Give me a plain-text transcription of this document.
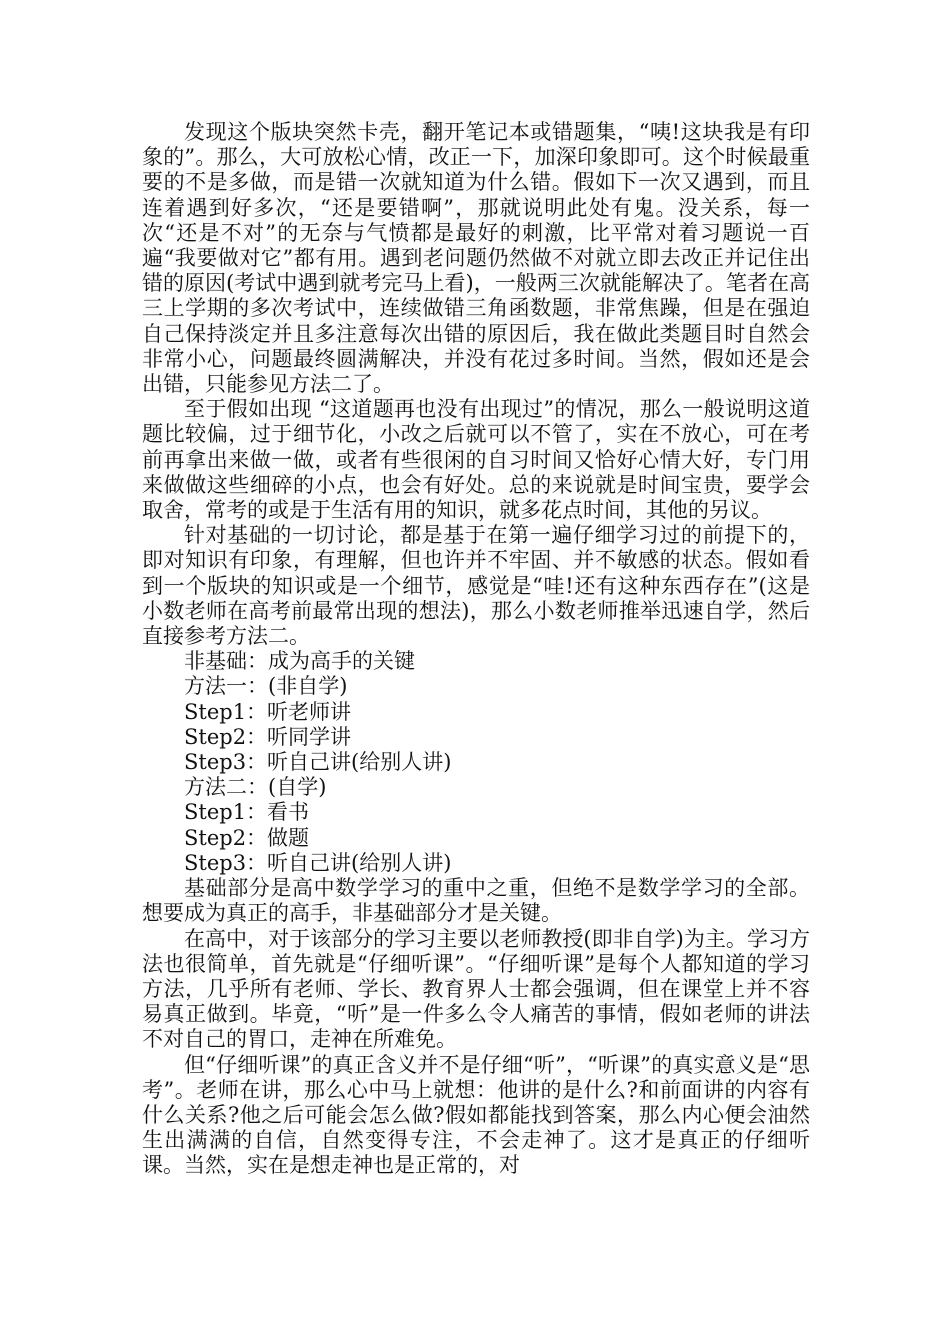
发现这个版块突然卡壳，翻开笔记本或错题集，“咦!这块我是有印象的”。那么，大可放松心情，改正一下，加深印象即可。这个时候最重要的不是多做，而是错一次就知道为什么错。假如下一次又遇到，而且连着遇到好多次，“还是要错啊”，那就说明此处有鬼。没关系，每一次“还是不对”的无奈与气愤都是最好的刺激，比平常对着习题说一百遍“我要做对它”都有用。遇到老问题仍然做不对就立即去改正并记住出错的原因(考试中遇到就考完马上看)，一般两三次就能解决了。笔者在高三上学期的多次考试中，连续做错三角函数题，非常焦躁，但是在强迫自己保持淡定并且多注意每次出错的原因后，我在做此类题目时自然会非常小心，问题最终圆满解决，并没有花过多时间。当然，假如还是会出错，只能参见方法二了。

至于假如出现 “这道题再也没有出现过”的情况，那么一般说明这道题比较偏，过于细节化，小改之后就可以不管了，实在不放心，可在考前再拿出来做一做，或者有些很闲的自习时间又恰好心情大好，专门用来做做这些细碎的小点，也会有好处。总的来说就是时间宝贵，要学会取舍，常考的或是于生活有用的知识，就多花点时间，其他的另议。

针对基础的一切讨论，都是基于在第一遍仔细学习过的前提下的，即对知识有印象，有理解，但也许并不牢固、并不敏感的状态。假如看到一个版块的知识或是一个细节，感觉是“哇!还有这种东西存在”(这是小数老师在高考前最常出现的想法)，那么小数老师推举迅速自学，然后直接参考方法二。

非基础：成为高手的关键

方法一：(非自学)

Step1：听老师讲

Step2：听同学讲

Step3：听自己讲(给别人讲)

方法二：(自学)

Step1：看书

Step2：做题

Step3：听自己讲(给别人讲)

基础部分是高中数学学习的重中之重，但绝不是数学学习的全部。想要成为真正的高手，非基础部分才是关键。

在高中，对于该部分的学习主要以老师教授(即非自学)为主。学习方法也很简单，首先就是“仔细听课”。“仔细听课”是每个人都知道的学习方法，几乎所有老师、学长、教育界人士都会强调，但在课堂上并不容易真正做到。毕竟，“听”是一件多么令人痛苦的事情，假如老师的讲法不对自己的胃口，走神在所难免。

但“仔细听课”的真正含义并不是仔细“听”，“听课”的真实意义是“思考”。老师在讲，那么心中马上就想：他讲的是什么?和前面讲的内容有什么关系?他之后可能会怎么做?假如都能找到答案，那么内心便会油然生出满满的自信，自然变得专注，不会走神了。这才是真正的仔细听课。当然，实在是想走神也是正常的，对
